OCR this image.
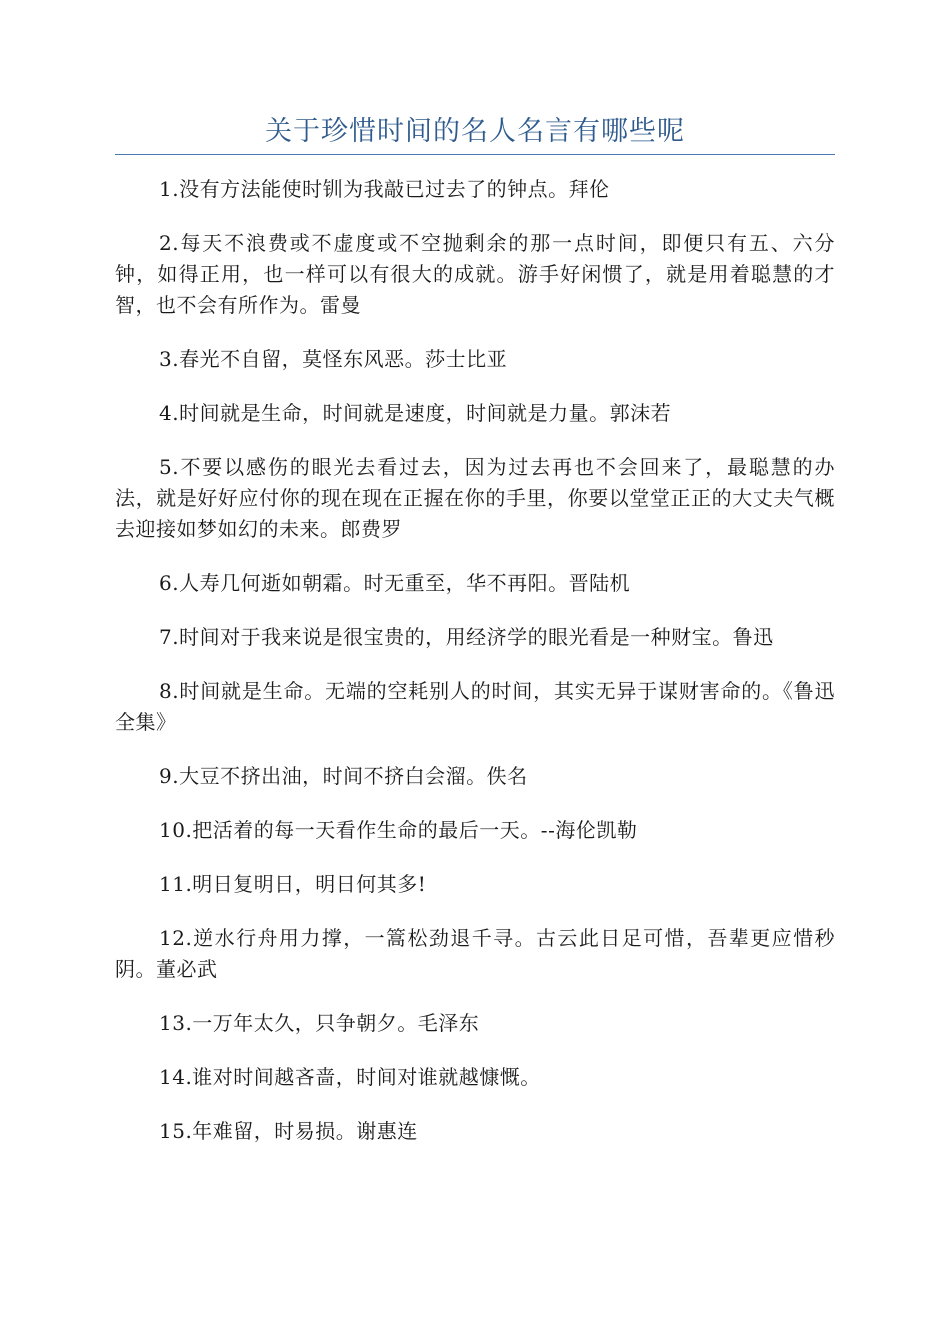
关于珍惜时间的名人名言有哪些呢

1.没有方法能使时钏为我敲已过去了的钟点。拜伦

2.每天不浪费或不虚度或不空抛剩余的那一点时间，即便只有五、六分钟，如得正用，也一样可以有很大的成就。游手好闲惯了，就是用着聪慧的才智，也不会有所作为。雷曼

3.春光不自留，莫怪东风恶。莎士比亚

4.时间就是生命，时间就是速度，时间就是力量。郭沫若

5.不要以感伤的眼光去看过去，因为过去再也不会回来了，最聪慧的办法，就是好好应付你的现在现在正握在你的手里，你要以堂堂正正的大丈夫气概去迎接如梦如幻的未来。郎费罗

6.人寿几何逝如朝霜。时无重至，华不再阳。晋陆机

7.时间对于我来说是很宝贵的，用经济学的眼光看是一种财宝。鲁迅

8.时间就是生命。无端的空耗别人的时间，其实无异于谋财害命的。《鲁迅全集》

9.大豆不挤出油，时间不挤白会溜。佚名

10.把活着的每一天看作生命的最后一天。--海伦凯勒

11.明日复明日，明日何其多!

12.逆水行舟用力撑，一篙松劲退千寻。古云此日足可惜，吾辈更应惜秒阴。董必武

13.一万年太久，只争朝夕。毛泽东

14.谁对时间越吝啬，时间对谁就越慷慨。

15.年难留，时易损。谢惠连
